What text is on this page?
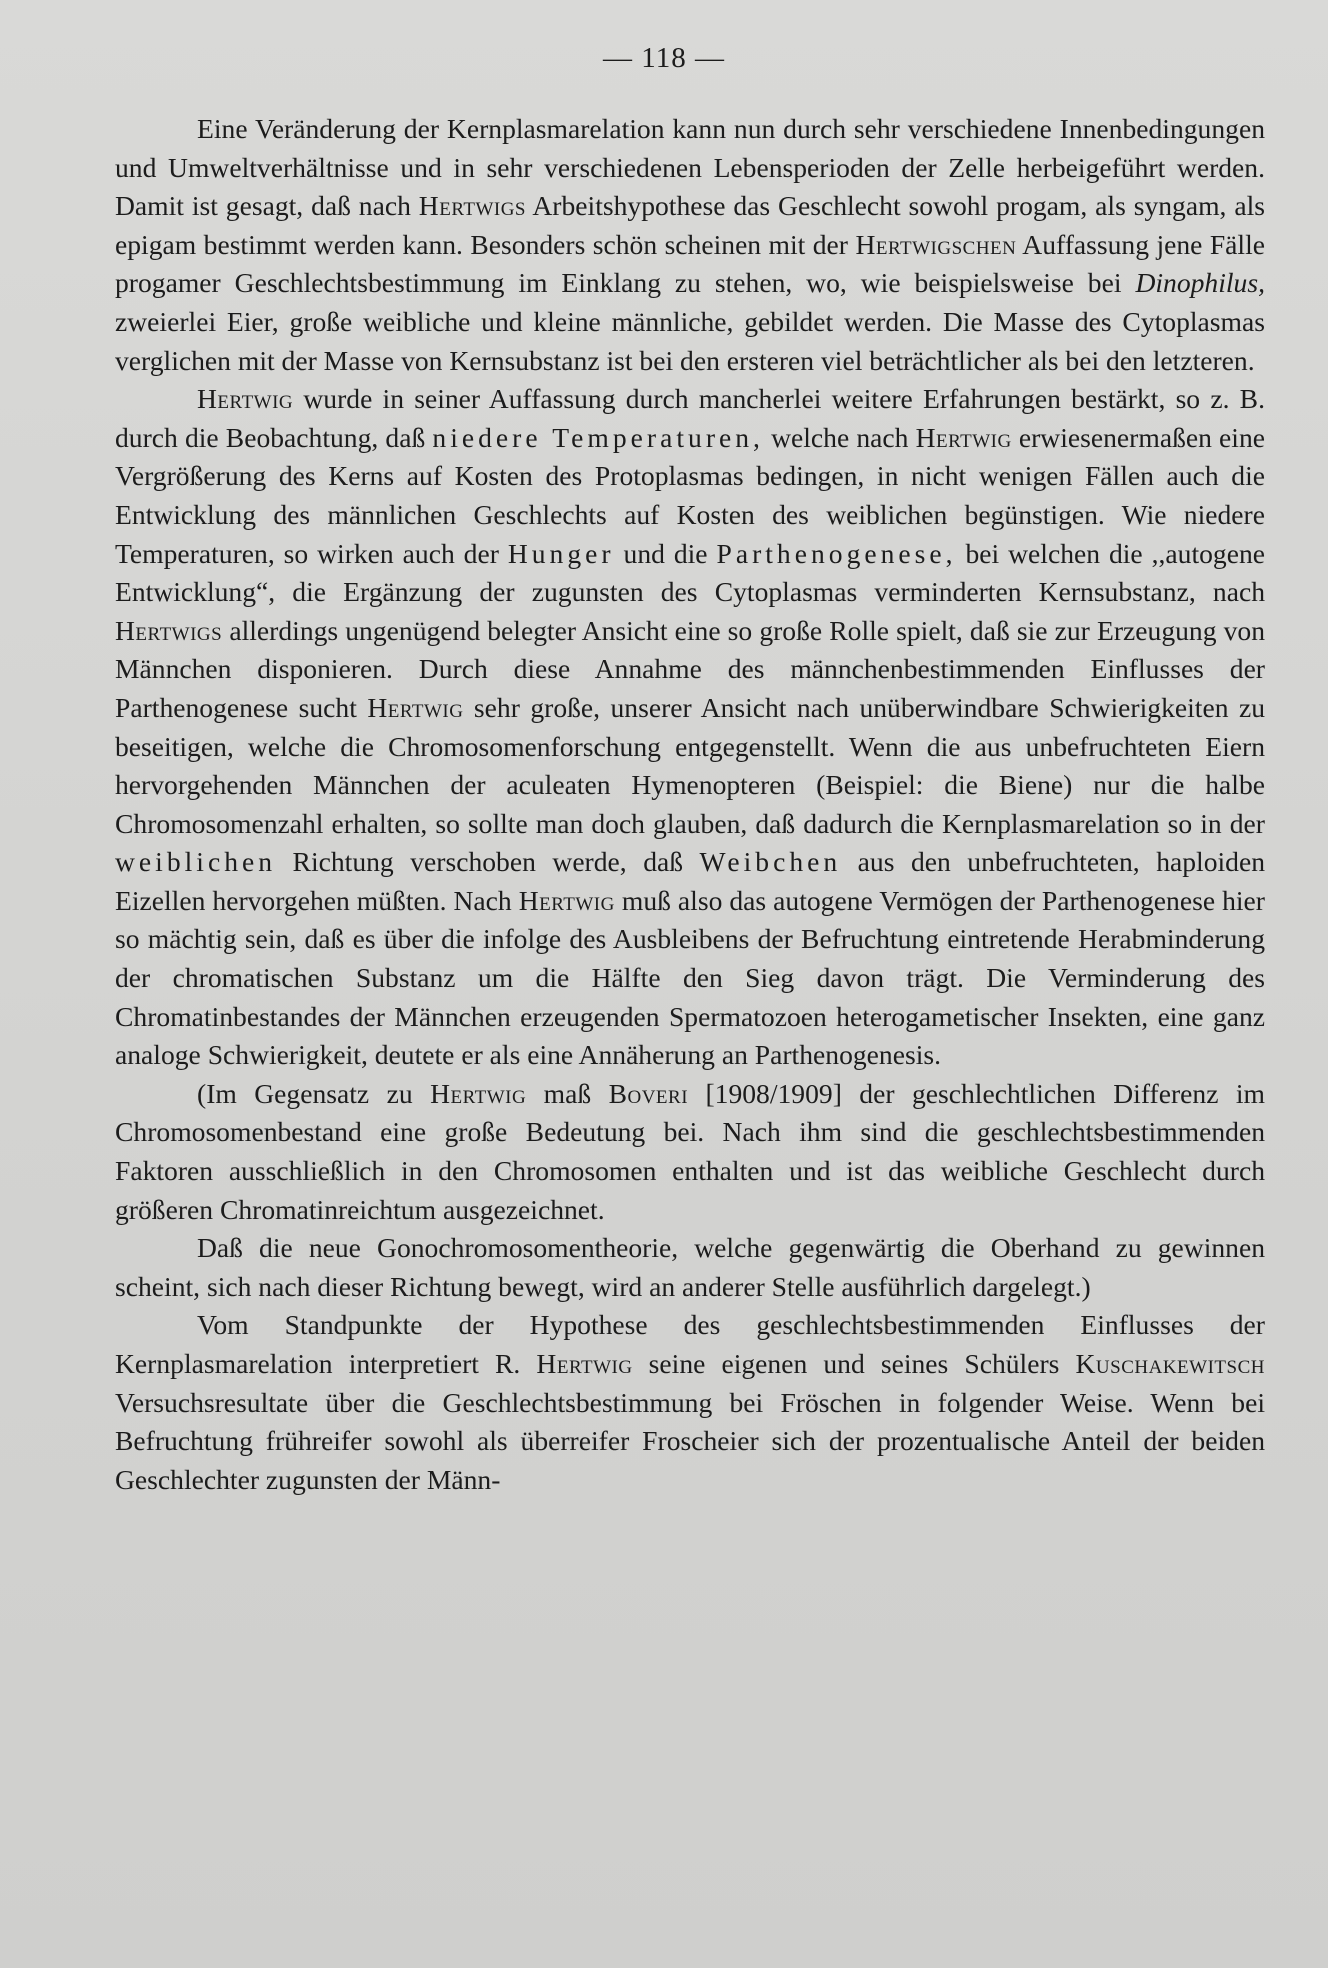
— 118 —

Eine Veränderung der Kernplasmarelation kann nun durch sehr verschiedene Innenbedingungen und Umweltverhältnisse und in sehr verschiedenen Lebensperioden der Zelle herbeigeführt werden. Damit ist gesagt, daß nach Hertwigs Arbeitshypothese das Geschlecht sowohl progam, als syngam, als epigam bestimmt werden kann. Besonders schön scheinen mit der Hertwigschen Auffassung jene Fälle progamer Geschlechtsbestimmung im Einklang zu stehen, wo, wie beispielsweise bei Dinophilus, zweierlei Eier, große weibliche und kleine männliche, gebildet werden. Die Masse des Cytoplasmas verglichen mit der Masse von Kernsubstanz ist bei den ersteren viel beträchtlicher als bei den letzteren.

Hertwig wurde in seiner Auffassung durch mancherlei weitere Erfahrungen bestärkt, so z. B. durch die Beobachtung, daß niedere Temperaturen, welche nach Hertwig erwiesenermaßen eine Vergrößerung des Kerns auf Kosten des Protoplasmas bedingen, in nicht wenigen Fällen auch die Entwicklung des männlichen Geschlechts auf Kosten des weiblichen begünstigen. Wie niedere Temperaturen, so wirken auch der Hunger und die Parthenogenese, bei welchen die ,,autogene Entwicklung“, die Ergänzung der zugunsten des Cytoplasmas verminderten Kernsubstanz, nach Hertwigs allerdings ungenügend belegter Ansicht eine so große Rolle spielt, daß sie zur Erzeugung von Männchen disponieren. Durch diese Annahme des männchenbestimmenden Einflusses der Parthenogenese sucht Hertwig sehr große, unserer Ansicht nach unüberwindbare Schwierigkeiten zu beseitigen, welche die Chromosomenforschung entgegenstellt. Wenn die aus unbefruchteten Eiern hervorgehenden Männchen der aculeaten Hymenopteren (Beispiel: die Biene) nur die halbe Chromosomenzahl erhalten, so sollte man doch glauben, daß dadurch die Kernplasmarelation so in der weiblichen Richtung verschoben werde, daß Weibchen aus den unbefruchteten, haploiden Eizellen hervorgehen müßten. Nach Hertwig muß also das autogene Vermögen der Parthenogenese hier so mächtig sein, daß es über die infolge des Ausbleibens der Befruchtung eintretende Herabminderung der chromatischen Substanz um die Hälfte den Sieg davon trägt. Die Verminderung des Chromatinbestandes der Männchen erzeugenden Spermatozoen heterogametischer Insekten, eine ganz analoge Schwierigkeit, deutete er als eine Annäherung an Parthenogenesis.

(Im Gegensatz zu Hertwig maß Boveri [1908/1909] der geschlechtlichen Differenz im Chromosomenbestand eine große Bedeutung bei. Nach ihm sind die geschlechtsbestimmenden Faktoren ausschließlich in den Chromosomen enthalten und ist das weibliche Geschlecht durch größeren Chromatinreichtum ausgezeichnet.

Daß die neue Gonochromosomentheorie, welche gegenwärtig die Oberhand zu gewinnen scheint, sich nach dieser Richtung bewegt, wird an anderer Stelle ausführlich dargelegt.)

Vom Standpunkte der Hypothese des geschlechtsbestimmenden Einflusses der Kernplasmarelation interpretiert R. Hertwig seine eigenen und seines Schülers Kuschakewitsch Versuchsresultate über die Geschlechtsbestimmung bei Fröschen in folgender Weise. Wenn bei Befruchtung frühreifer sowohl als überreifer Froscheier sich der prozentualische Anteil der beiden Geschlechter zugunsten der Männ-
